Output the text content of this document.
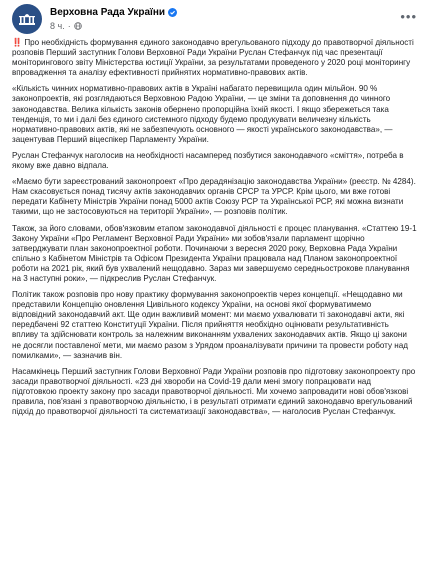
Верховна Рада України
8 ч. ·
•••

‼️ Про необхідність формування єдиного законодавчо врегульованого підходу до правотворчої діяльності розповів Перший заступник Голови Верховної Ради України Руслан Стефанчук під час презентації моніторингового звіту Міністерства юстиції України, за результатами проведеного у 2020 році моніторингу впровадження та аналізу ефективності прийнятих нормативно-правових актів.

«Кількість чинних нормативно-правових актів в Україні набагато перевищила один мільйон. 90 % законопроектів, які розглядаються Верховною Радою України, — це зміни та доповнення до чинного законодавства. Велика кількість законів обернено пропорційна їхній якості. І якщо збережеться така тенденція, то ми і далі без єдиного системного підходу будемо продукувати величезну кількість нормативно-правових актів, які не забезпечують основного — якості українського законодавства», — зацентував Перший віцеспікер Парламенту України.

Руслан Стефанчук наголосив на необхідності насамперед позбутися законодавчого «сміття», потреба в якому вже давно відпала.

«Маємо бути зареєстрований законопроект «Про дерадянізацію законодавства України» (реєстр. № 4284). Нам скасовується понад тисячу актів законодавчих органів СРСР та УРСР. Крім цього, ми вже готові передати Кабінету Міністрів України понад 5000 актів Союзу РСР та Української РСР, які можна визнати такими, що не застосовуються на території України», — розповів політик.

Також, за його словами, обов'язковим етапом законодавчої діяльності є процес планування. «Статтею 19-1 Закону України «Про Регламент Верховної Ради України» ми зобов'язали парламент щорічно затверджувати план законопроектної роботи. Починаючи з вересня 2020 року, Верховна Рада України спільно з Кабінетом Міністрів та Офісом Президента України працювала над Планом законопроектної роботи на 2021 рік, який був ухвалений нещодавно. Зараз ми завершуємо середньострокове планування на 3 наступні роки», — підкреслив Руслан Стефанчук.

Політик також розповів про нову практику формування законопроектів через концепції. «Нещодавно ми представили Концепцію оновлення Цивільного кодексу України, на основі якої формуватимемо відповідний законодавчий акт. Ще один важливий момент: ми маємо ухвалювати ті законодавчі акти, які передбачені 92 статтею Конституції України. Після прийняття необхідно оцінювати результативність впливу та здійснювати контроль за належним виконанням ухвалених законодавчих актів. Якщо ці закони не досягли поставленої мети, ми маємо разом з Урядом проаналізувати причини та провести роботу над помилками», — зазначив він.

Насамкінець Перший заступник Голови Верховної Ради України розповів про підготовку законопроекту про засади правотворчої діяльності. «23 дні хвороби на Covid-19 дали мені змогу попрацювати над підготовкою проекту закону про засади правотворчої діяльності. Ми хочемо запровадити нові обов'язкові правила, пов'язані з правотворчою діяльністю, і в результаті отримати єдиний законодавчо врегульований підхід до правотворчої діяльності та систематизації законодавства», — наголосив Руслан Стефанчук.
